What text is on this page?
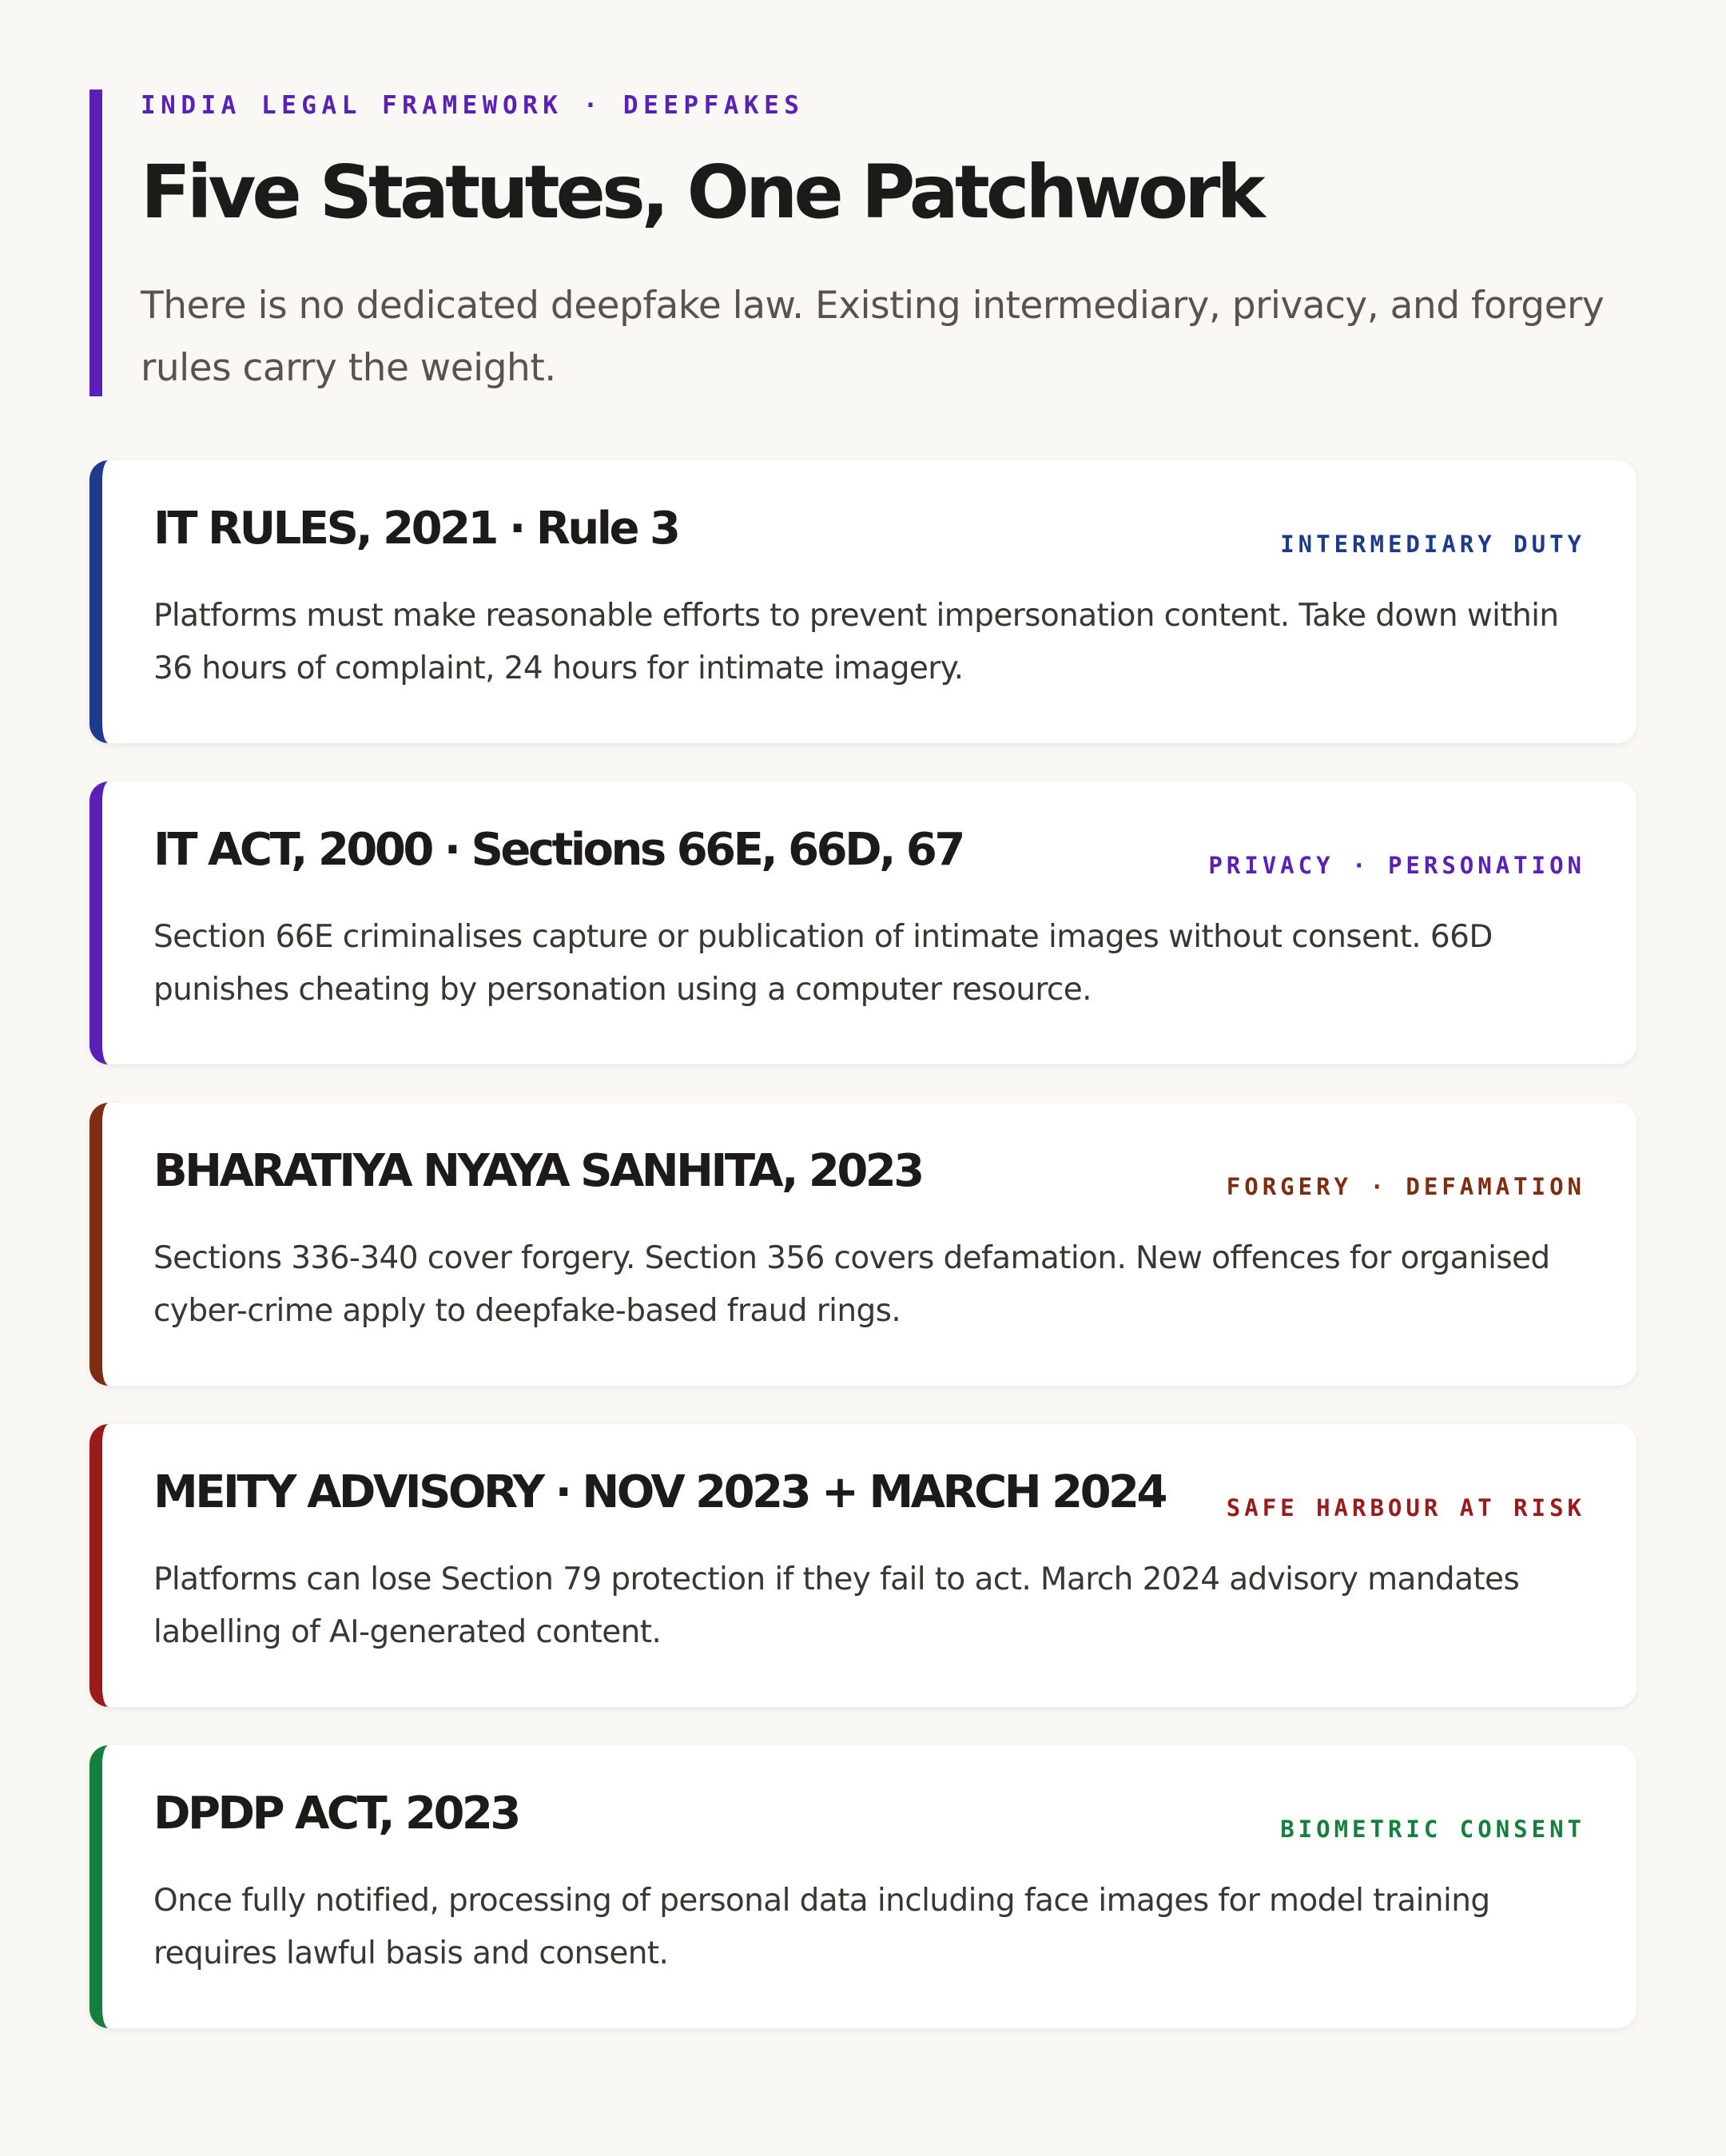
INDIA LEGAL FRAMEWORK · DEEPFAKES
Five Statutes, One Patchwork

There is no dedicated deepfake law. Existing intermediary, privacy, and forgery rules carry the weight.

IT RULES, 2021 · Rule 3	INTERMEDIARY DUTY

Platforms must make reasonable efforts to prevent impersonation content. Take down within 36 hours of complaint, 24 hours for intimate imagery.

IT ACT, 2000 · Sections 66E, 66D, 67	PRIVACY · PERSONATION

Section 66E criminalises capture or publication of intimate images without consent. 66D punishes cheating by personation using a computer resource.

BHARATIYA NYAYA SANHITA, 2023	FORGERY · DEFAMATION

Sections 336-340 cover forgery. Section 356 covers defamation. New offences for organised cyber-crime apply to deepfake-based fraud rings.

MEITY ADVISORY · NOV 2023 + MARCH 2024	SAFE HARBOUR AT RISK

Platforms can lose Section 79 protection if they fail to act. March 2024 advisory mandates labelling of AI-generated content.

DPDP ACT, 2023	BIOMETRIC CONSENT

Once fully notified, processing of personal data including face images for model training requires lawful basis and consent.
